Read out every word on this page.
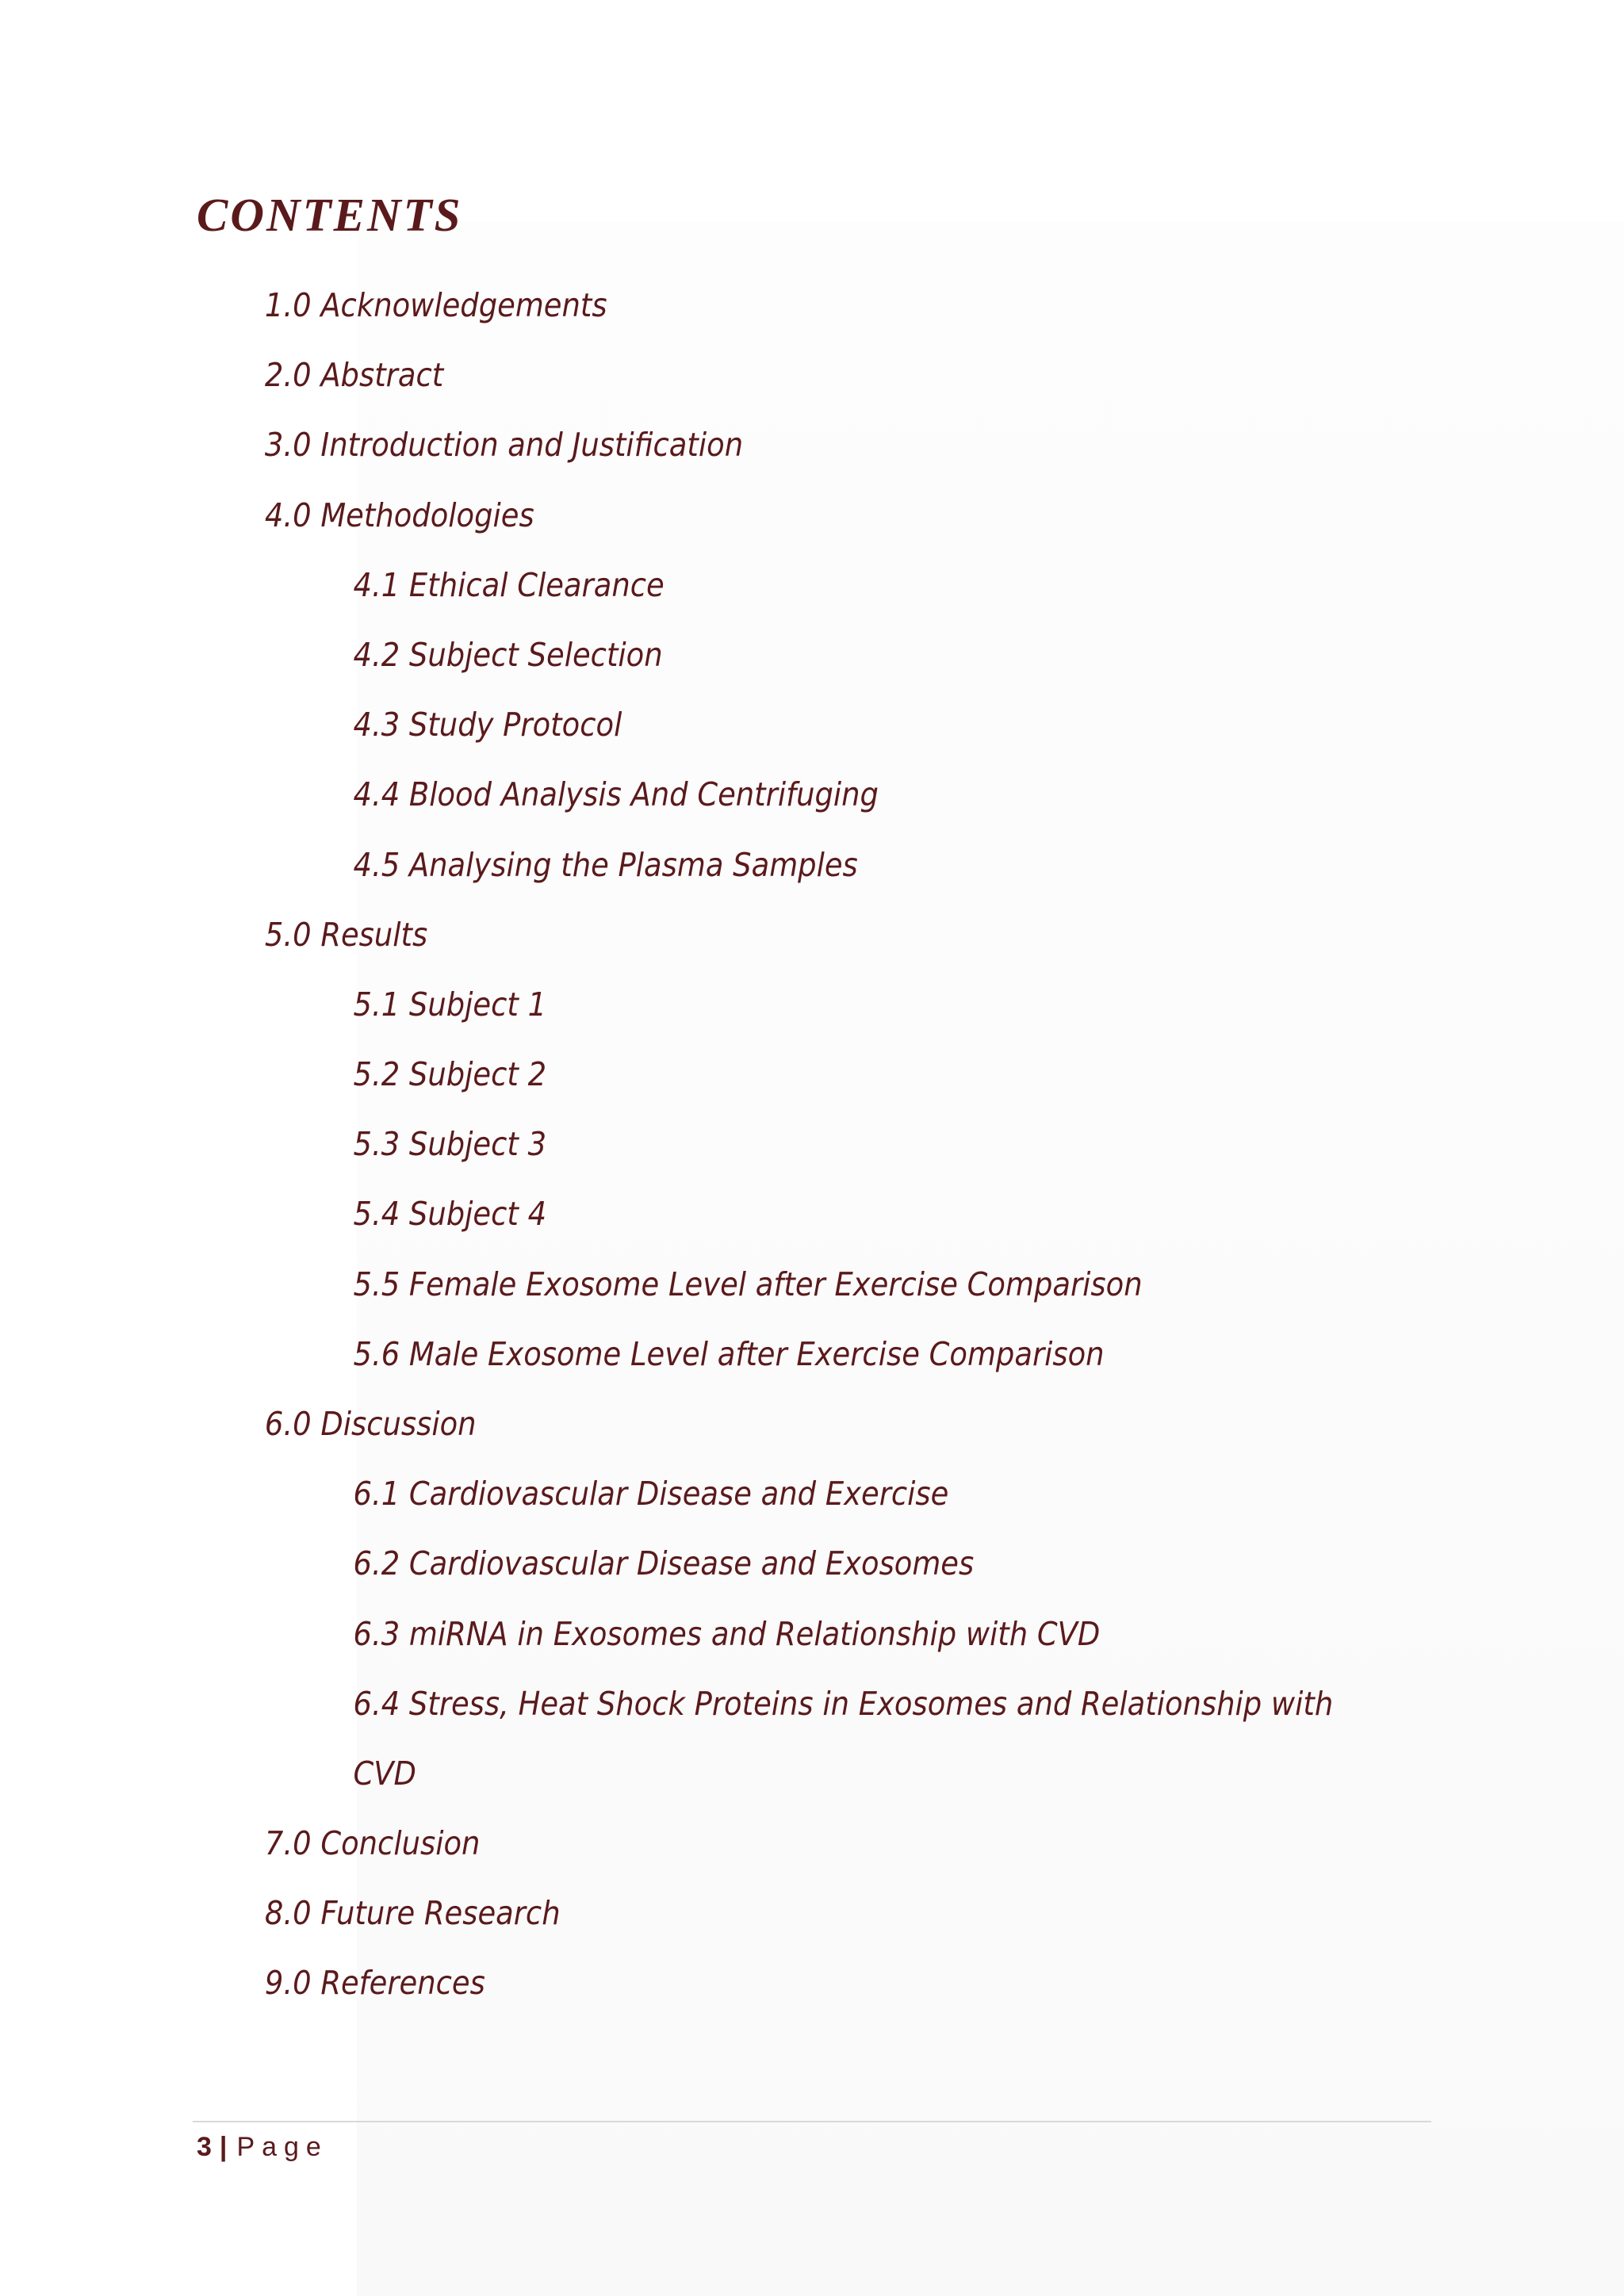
CONTENTS
1.0 Acknowledgements
2.0 Abstract
3.0 Introduction and Justification
4.0 Methodologies
4.1 Ethical Clearance
4.2 Subject Selection
4.3 Study Protocol
4.4 Blood Analysis And Centrifuging
4.5 Analysing the Plasma Samples
5.0 Results
5.1 Subject 1
5.2 Subject 2
5.3 Subject 3
5.4 Subject 4
5.5 Female Exosome Level after Exercise Comparison
5.6 Male Exosome Level after Exercise Comparison
6.0 Discussion
6.1 Cardiovascular Disease and Exercise
6.2 Cardiovascular Disease and Exosomes
6.3 miRNA in Exosomes and Relationship with CVD
6.4 Stress, Heat Shock Proteins in Exosomes and Relationship with
CVD
7.0 Conclusion
8.0 Future Research
9.0 References
3 | Page
